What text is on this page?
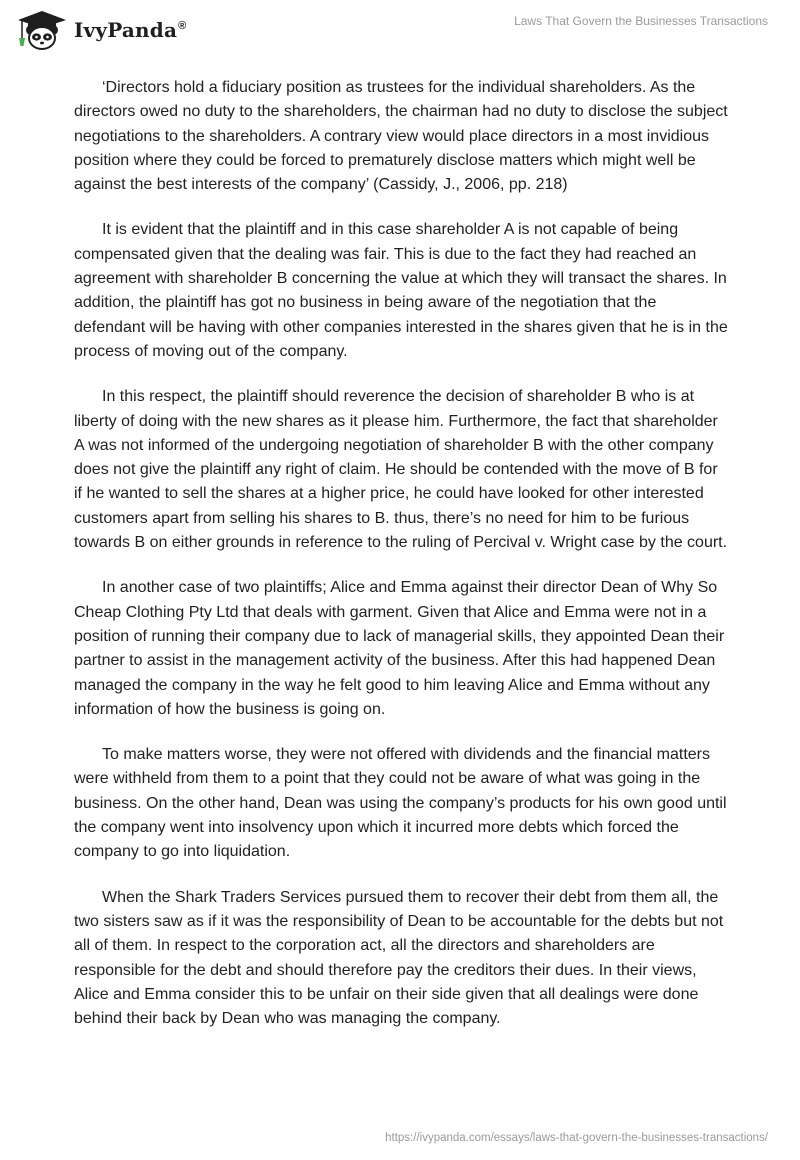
IvyPanda®	Laws That Govern the Businesses Transactions

‘Directors hold a fiduciary position as trustees for the individual shareholders. As the directors owed no duty to the shareholders, the chairman had no duty to disclose the subject negotiations to the shareholders. A contrary view would place directors in a most invidious position where they could be forced to prematurely disclose matters which might well be against the best interests of the company’ (Cassidy, J., 2006, pp. 218)

It is evident that the plaintiff and in this case shareholder A is not capable of being compensated given that the dealing was fair. This is due to the fact they had reached an agreement with shareholder B concerning the value at which they will transact the shares. In addition, the plaintiff has got no business in being aware of the negotiation that the defendant will be having with other companies interested in the shares given that he is in the process of moving out of the company.

In this respect, the plaintiff should reverence the decision of shareholder B who is at liberty of doing with the new shares as it please him. Furthermore, the fact that shareholder A was not informed of the undergoing negotiation of shareholder B with the other company does not give the plaintiff any right of claim. He should be contended with the move of B for if he wanted to sell the shares at a higher price, he could have looked for other interested customers apart from selling his shares to B. thus, there’s no need for him to be furious towards B on either grounds in reference to the ruling of Percival v. Wright case by the court.

In another case of two plaintiffs; Alice and Emma against their director Dean of Why So Cheap Clothing Pty Ltd that deals with garment. Given that Alice and Emma were not in a position of running their company due to lack of managerial skills, they appointed Dean their partner to assist in the management activity of the business. After this had happened Dean managed the company in the way he felt good to him leaving Alice and Emma without any information of how the business is going on.

To make matters worse, they were not offered with dividends and the financial matters were withheld from them to a point that they could not be aware of what was going in the business. On the other hand, Dean was using the company’s products for his own good until the company went into insolvency upon which it incurred more debts which forced the company to go into liquidation.

When the Shark Traders Services pursued them to recover their debt from them all, the two sisters saw as if it was the responsibility of Dean to be accountable for the debts but not all of them. In respect to the corporation act, all the directors and shareholders are responsible for the debt and should therefore pay the creditors their dues. In their views, Alice and Emma consider this to be unfair on their side given that all dealings were done behind their back by Dean who was managing the company.

https://ivypanda.com/essays/laws-that-govern-the-businesses-transactions/
